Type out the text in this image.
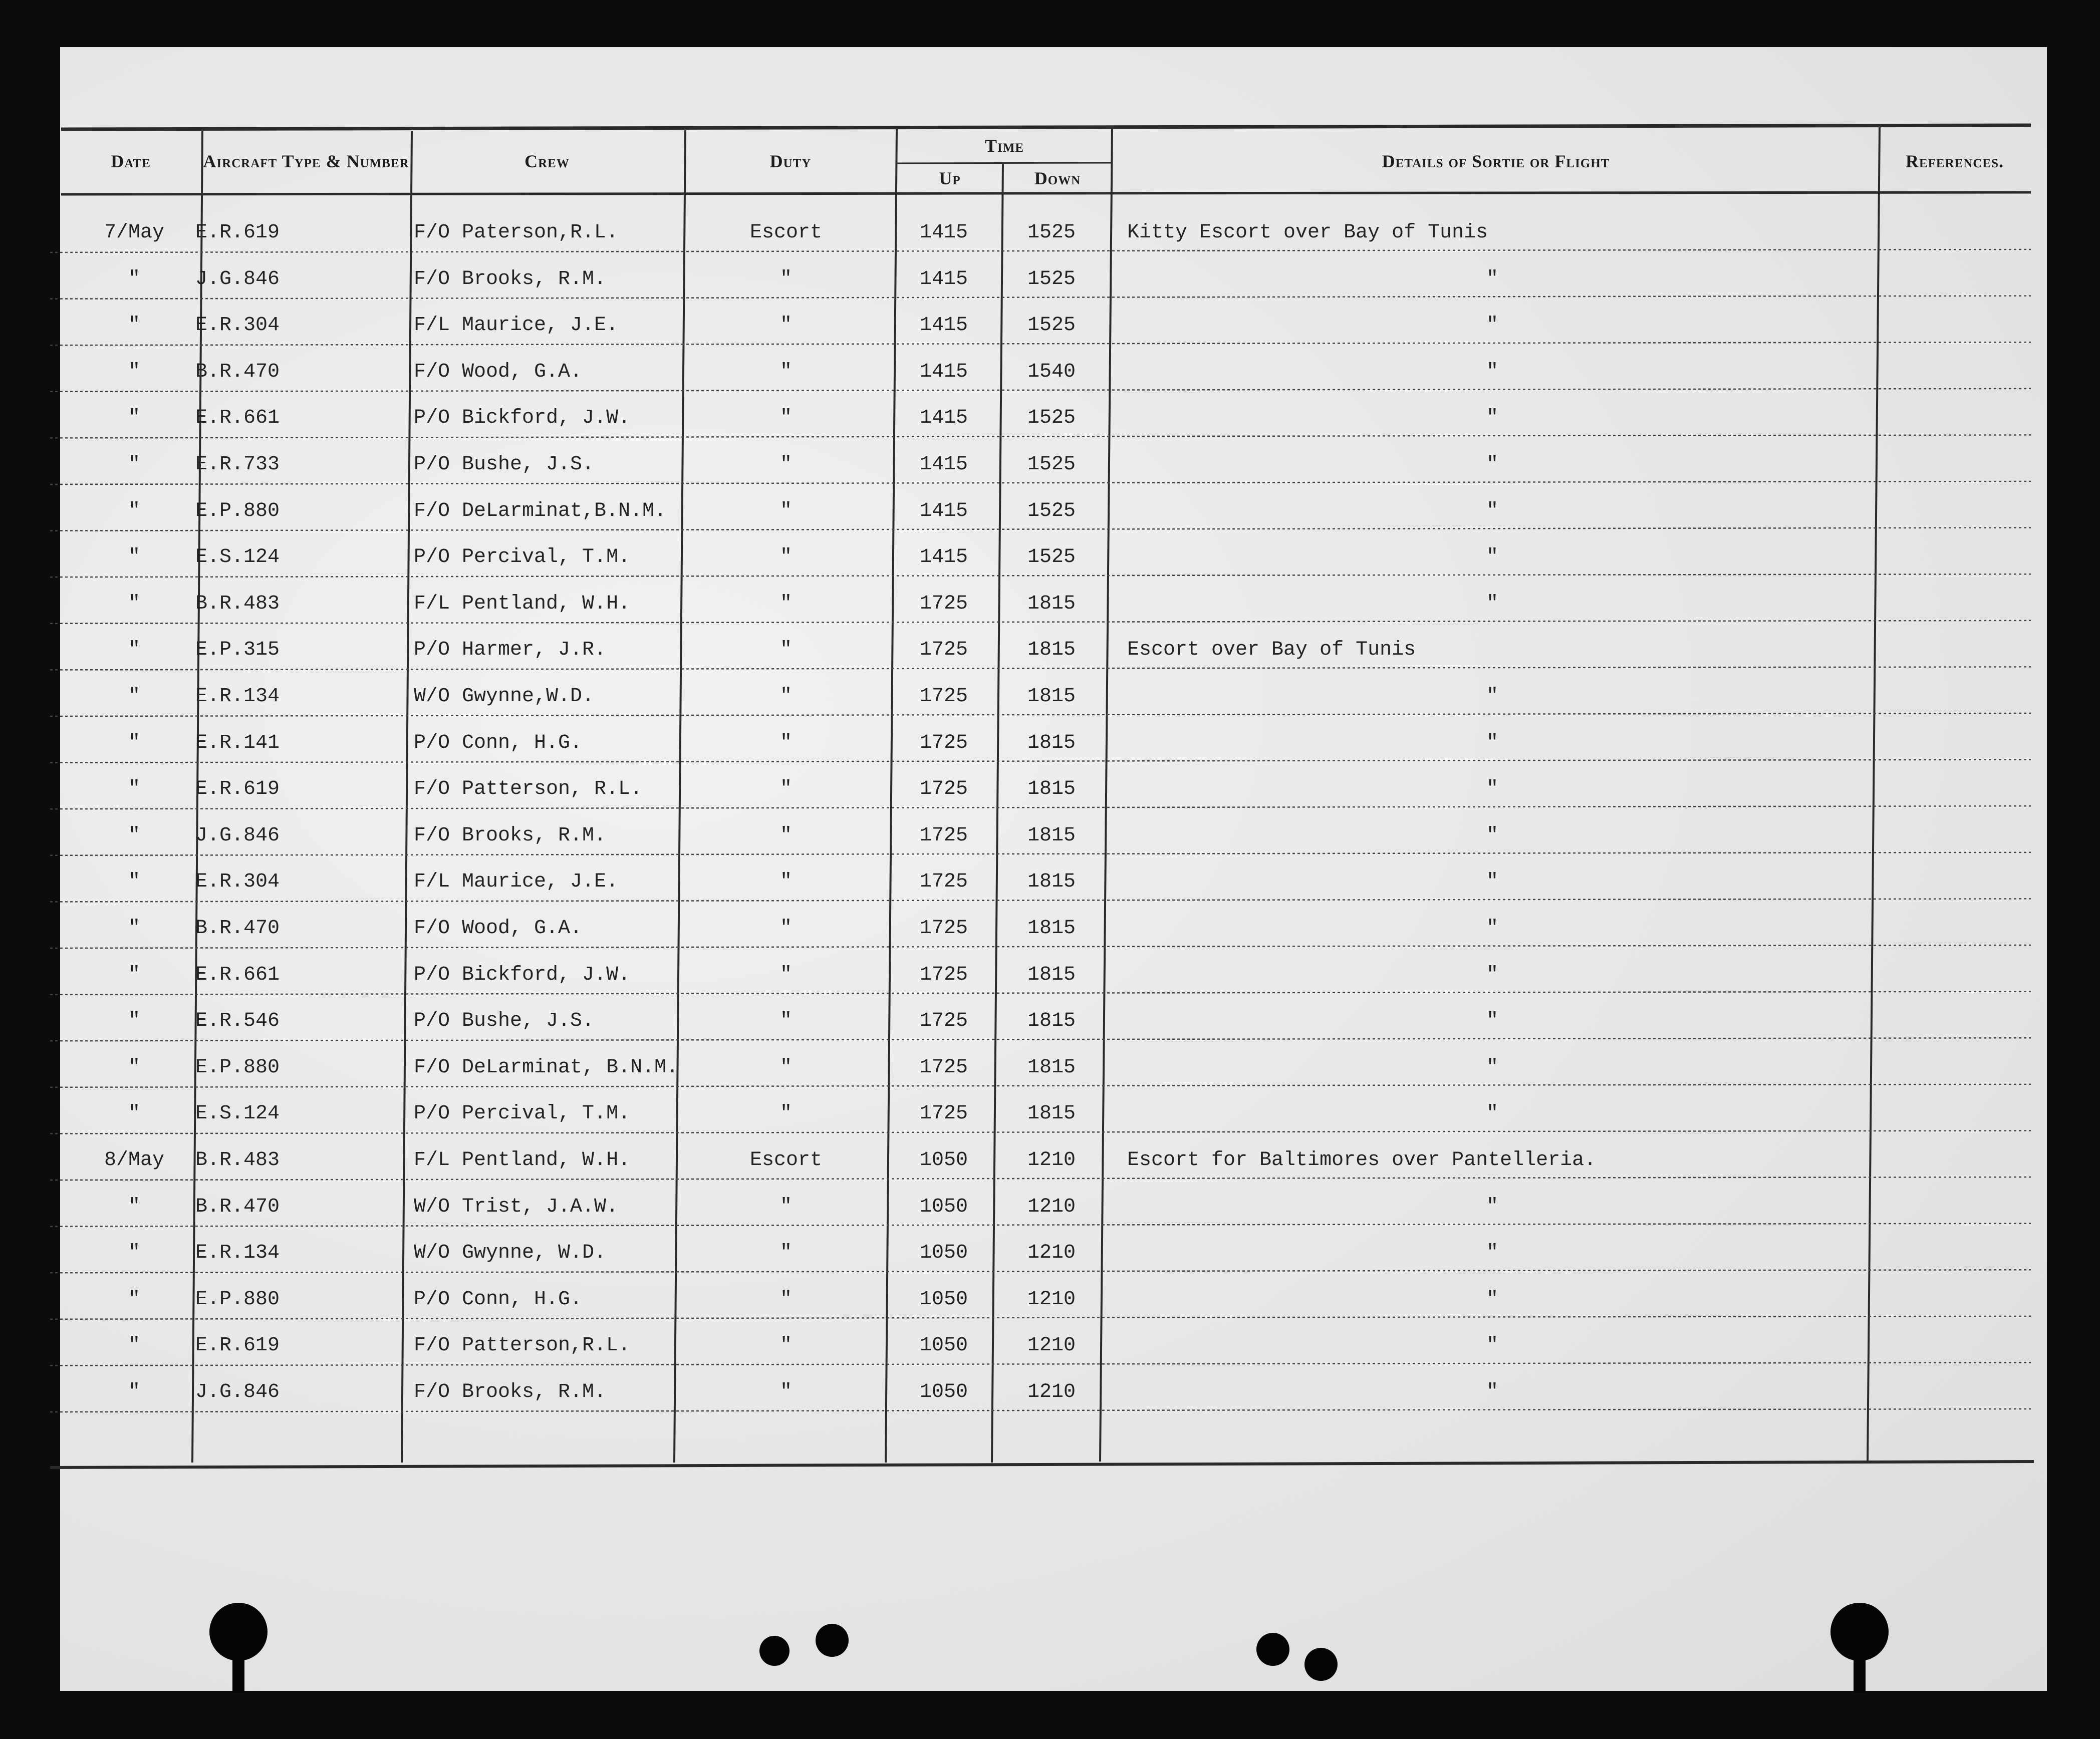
Date	Aircraft Type & Number	Crew	Duty
Time
Up	Down
Details of Sortie or Flight	References.
7/May	E.R.619	F/O Paterson,R.L.	Escort	1415	1525	Kitty Escort over Bay of Tunis
"	J.G.846	F/O Brooks, R.M.	"	1415	1525	"
"	E.R.304	F/L Maurice, J.E.	"	1415	1525	"
"	B.R.470	F/O Wood, G.A.	"	1415	1540	"
"	E.R.661	P/O Bickford, J.W.	"	1415	1525	"
"	E.R.733	P/O Bushe, J.S.	"	1415	1525	"
"	E.P.880	F/O DeLarminat,B.N.M.	"	1415	1525	"
"	E.S.124	P/O Percival, T.M.	"	1415	1525	"
"	B.R.483	F/L Pentland, W.H.	"	1725	1815	"
"	E.P.315	P/O Harmer, J.R.	"	1725	1815	Escort over Bay of Tunis
"	E.R.134	W/O Gwynne,W.D.	"	1725	1815	"
"	E.R.141	P/O Conn, H.G.	"	1725	1815	"
"	E.R.619	F/O Patterson, R.L.	"	1725	1815	"
"	J.G.846	F/O Brooks, R.M.	"	1725	1815	"
"	E.R.304	F/L Maurice, J.E.	"	1725	1815	"
"	B.R.470	F/O Wood, G.A.	"	1725	1815	"
"	E.R.661	P/O Bickford, J.W.	"	1725	1815	"
"	E.R.546	P/O Bushe, J.S.	"	1725	1815	"
"	E.P.880	F/O DeLarminat, B.N.M.	"	1725	1815	"
"	E.S.124	P/O Percival, T.M.	"	1725	1815	"
8/May	B.R.483	F/L Pentland, W.H.	Escort	1050	1210	Escort for Baltimores over Pantelleria.
"	B.R.470	W/O Trist, J.A.W.	"	1050	1210	"
"	E.R.134	W/O Gwynne, W.D.	"	1050	1210	"
"	E.P.880	P/O Conn, H.G.	"	1050	1210	"
"	E.R.619	F/O Patterson,R.L.	"	1050	1210	"
"	J.G.846	F/O Brooks, R.M.	"	1050	1210	"
